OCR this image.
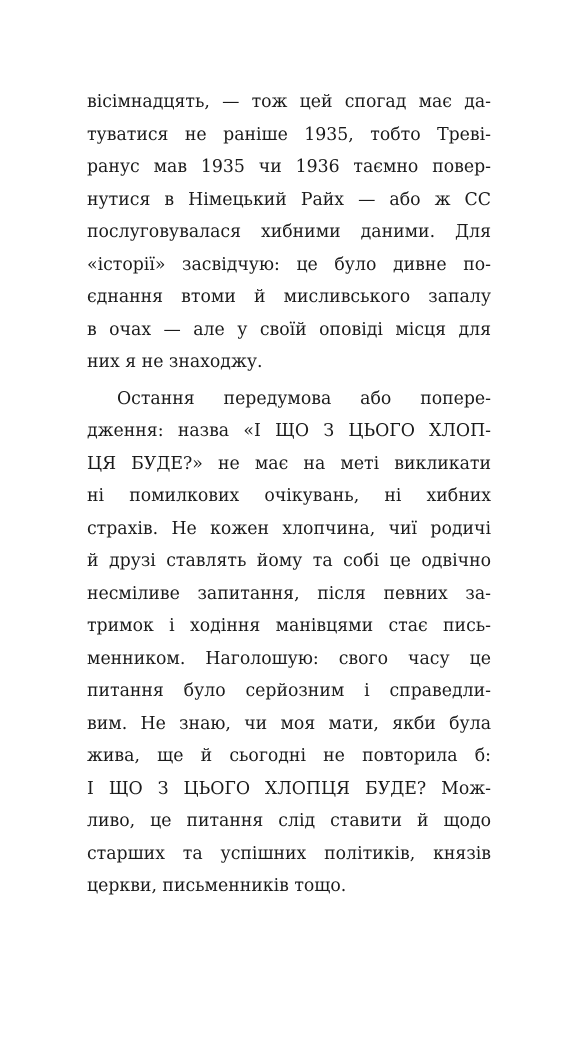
вісімнадцять, — тож цей спогад має да-
туватися не раніше 1935, тобто Треві-
ранус мав 1935 чи 1936 таємно повер-
нутися в Німецький Райх — або ж СС
послуговувалася хибними даними. Для
«історії» засвідчую: це було дивне по-
єднання втоми й мисливського запалу
в очах — але у своїй оповіді місця для
них я не знаходжу.
Остання передумова або попере-
дження: назва «І ЩО З ЦЬОГО ХЛОП-
ЦЯ БУДЕ?» не має на меті викликати
ні помилкових очікувань, ні хибних
страхів. Не кожен хлопчина, чиї родичі
й друзі ставлять йому та собі це одвічно
несміливе запитання, після певних за-
тримок і ходіння манівцями стає пись-
менником. Наголошую: свого часу це
питання було серйозним і справедли-
вим. Не знаю, чи моя мати, якби була
жива, ще й сьогодні не повторила б:
І ЩО З ЦЬОГО ХЛОПЦЯ БУДЕ? Мож-
ливо, це питання слід ставити й щодо
старших та успішних політиків, князів
церкви, письменників тощо.
